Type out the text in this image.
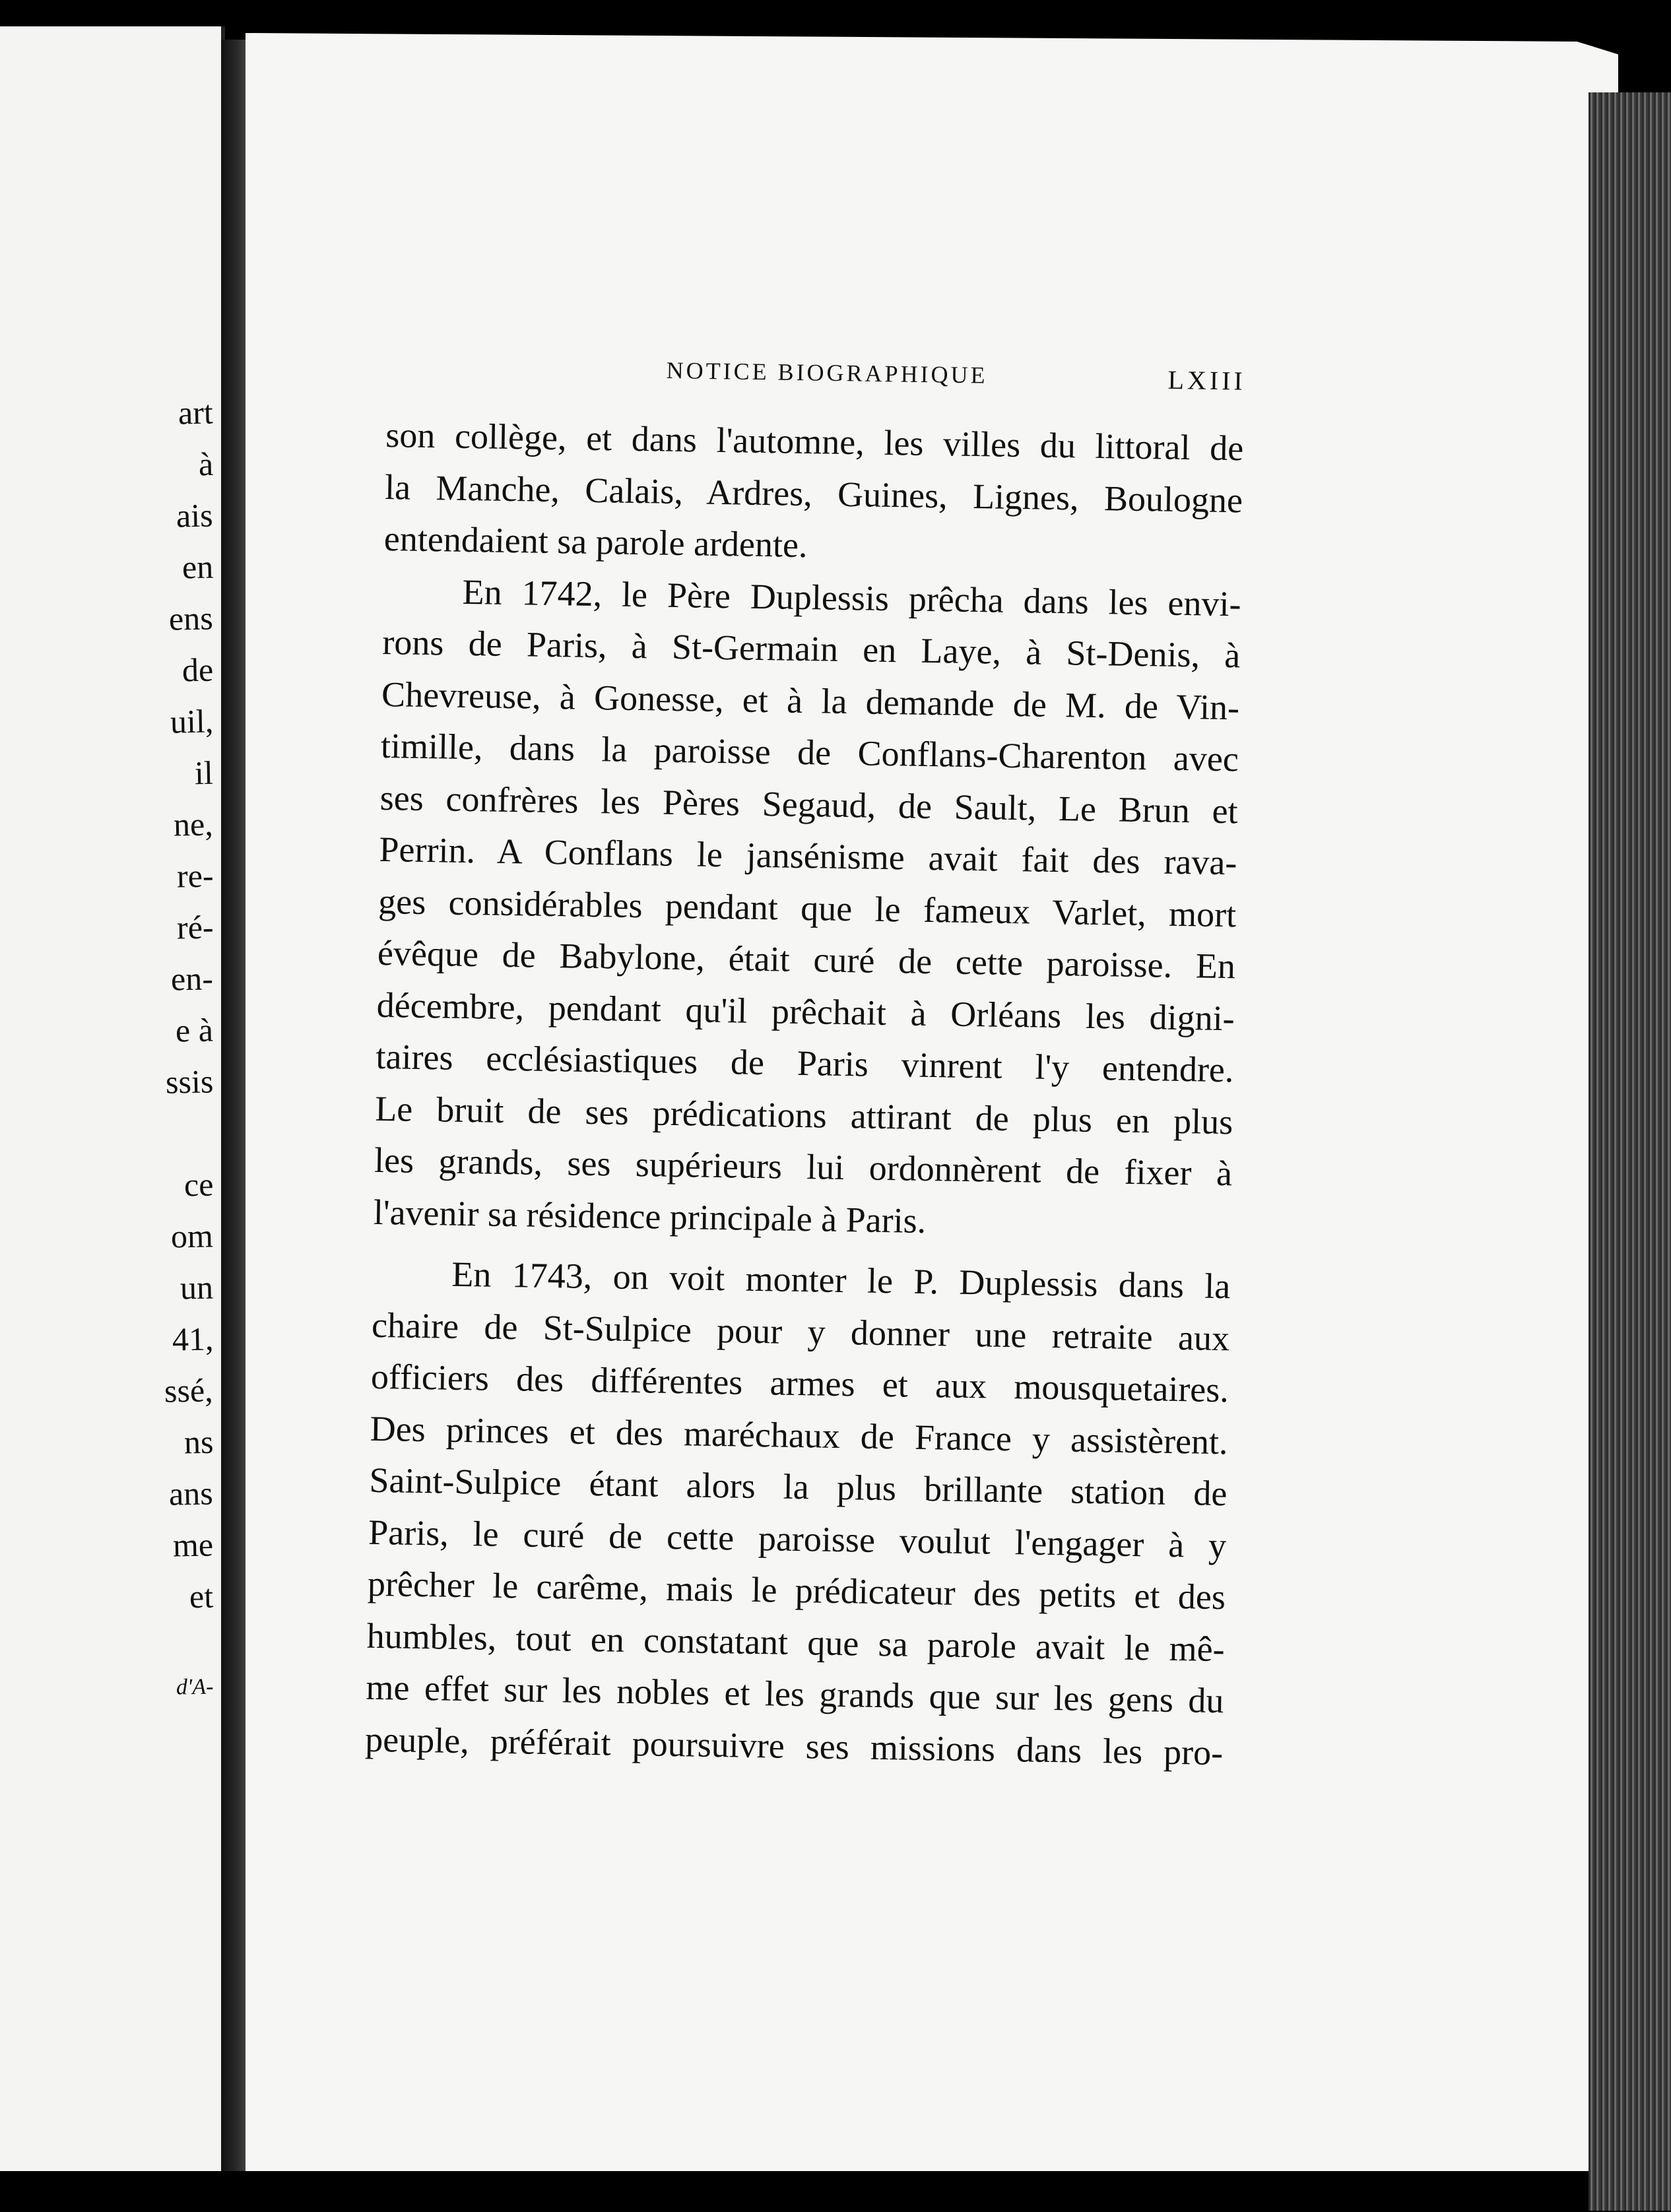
art
à
ais
en
ens
de
uil,
il
ne,
re-
ré-
en-
e à
ssis
ce
om
un
41,
ssé,
ns
ans
me
et
d'A-
NOTICE BIOGRAPHIQUE	LXIII
son collège, et dans l'automne, les villes du littoral de
la Manche, Calais, Ardres, Guines, Lignes, Boulogne
entendaient sa parole ardente.
En 1742, le Père Duplessis prêcha dans les envi-
rons de Paris, à St-Germain en Laye, à St-Denis, à
Chevreuse, à Gonesse, et à la demande de M. de Vin-
timille, dans la paroisse de Conflans-Charenton avec
ses confrères les Pères Segaud, de Sault, Le Brun et
Perrin. A Conflans le jansénisme avait fait des rava-
ges considérables pendant que le fameux Varlet, mort
évêque de Babylone, était curé de cette paroisse. En
décembre, pendant qu'il prêchait à Orléans les digni-
taires ecclésiastiques de Paris vinrent l'y entendre.
Le bruit de ses prédications attirant de plus en plus
les grands, ses supérieurs lui ordonnèrent de fixer à
l'avenir sa résidence principale à Paris.
En 1743, on voit monter le P. Duplessis dans la
chaire de St-Sulpice pour y donner une retraite aux
officiers des différentes armes et aux mousquetaires.
Des princes et des maréchaux de France y assistèrent.
Saint-Sulpice étant alors la plus brillante station de
Paris, le curé de cette paroisse voulut l'engager à y
prêcher le carême, mais le prédicateur des petits et des
humbles, tout en constatant que sa parole avait le mê-
me effet sur les nobles et les grands que sur les gens du
peuple, préférait poursuivre ses missions dans les pro-
